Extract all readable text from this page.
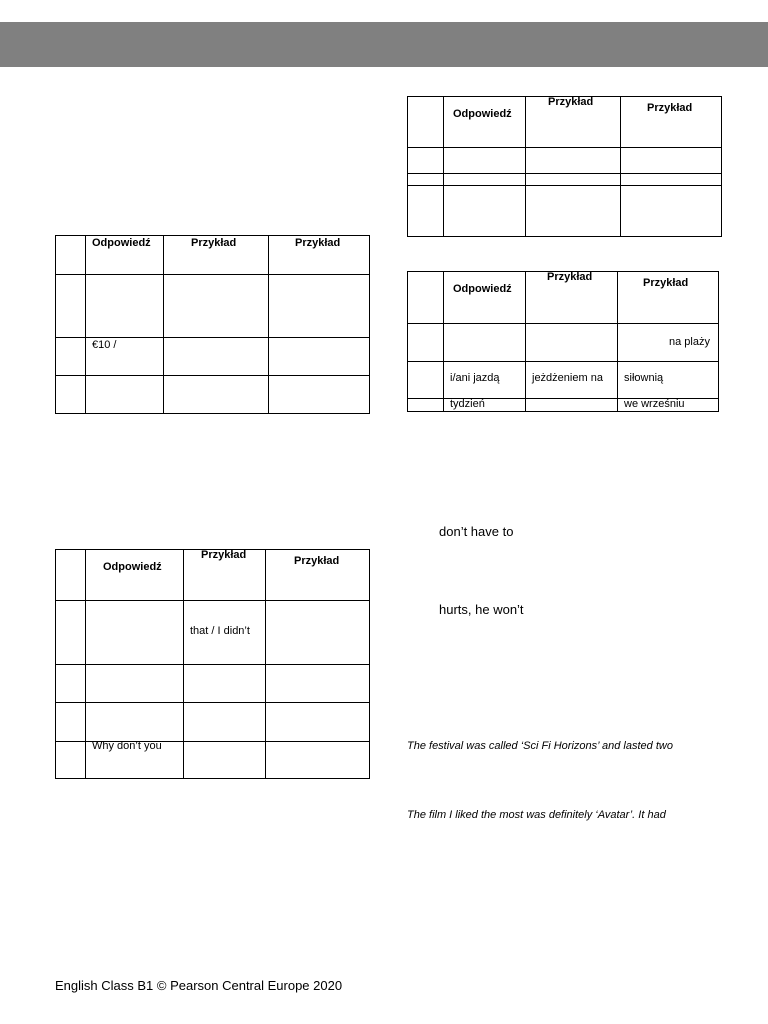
	Odpowiedź	Przykład	Przykład

	€10 /		

	Odpowiedź	Przykład	Przykład

		that / I didn’t	

	Why don’t you		

	Odpowiedź	Przykład	Przykład

	Odpowiedź	Przykład	Przykład

			na plaży

	i/ani jazdą	jeżdżeniem na	siłownią

	tydzień		we wrześniu
don’t have to
hurts, he won’t
The festival was called ‘Sci Fi Horizons’ and lasted two
The film I liked the most was definitely ‘Avatar’. It had
English Class B1 © Pearson Central Europe 2020
